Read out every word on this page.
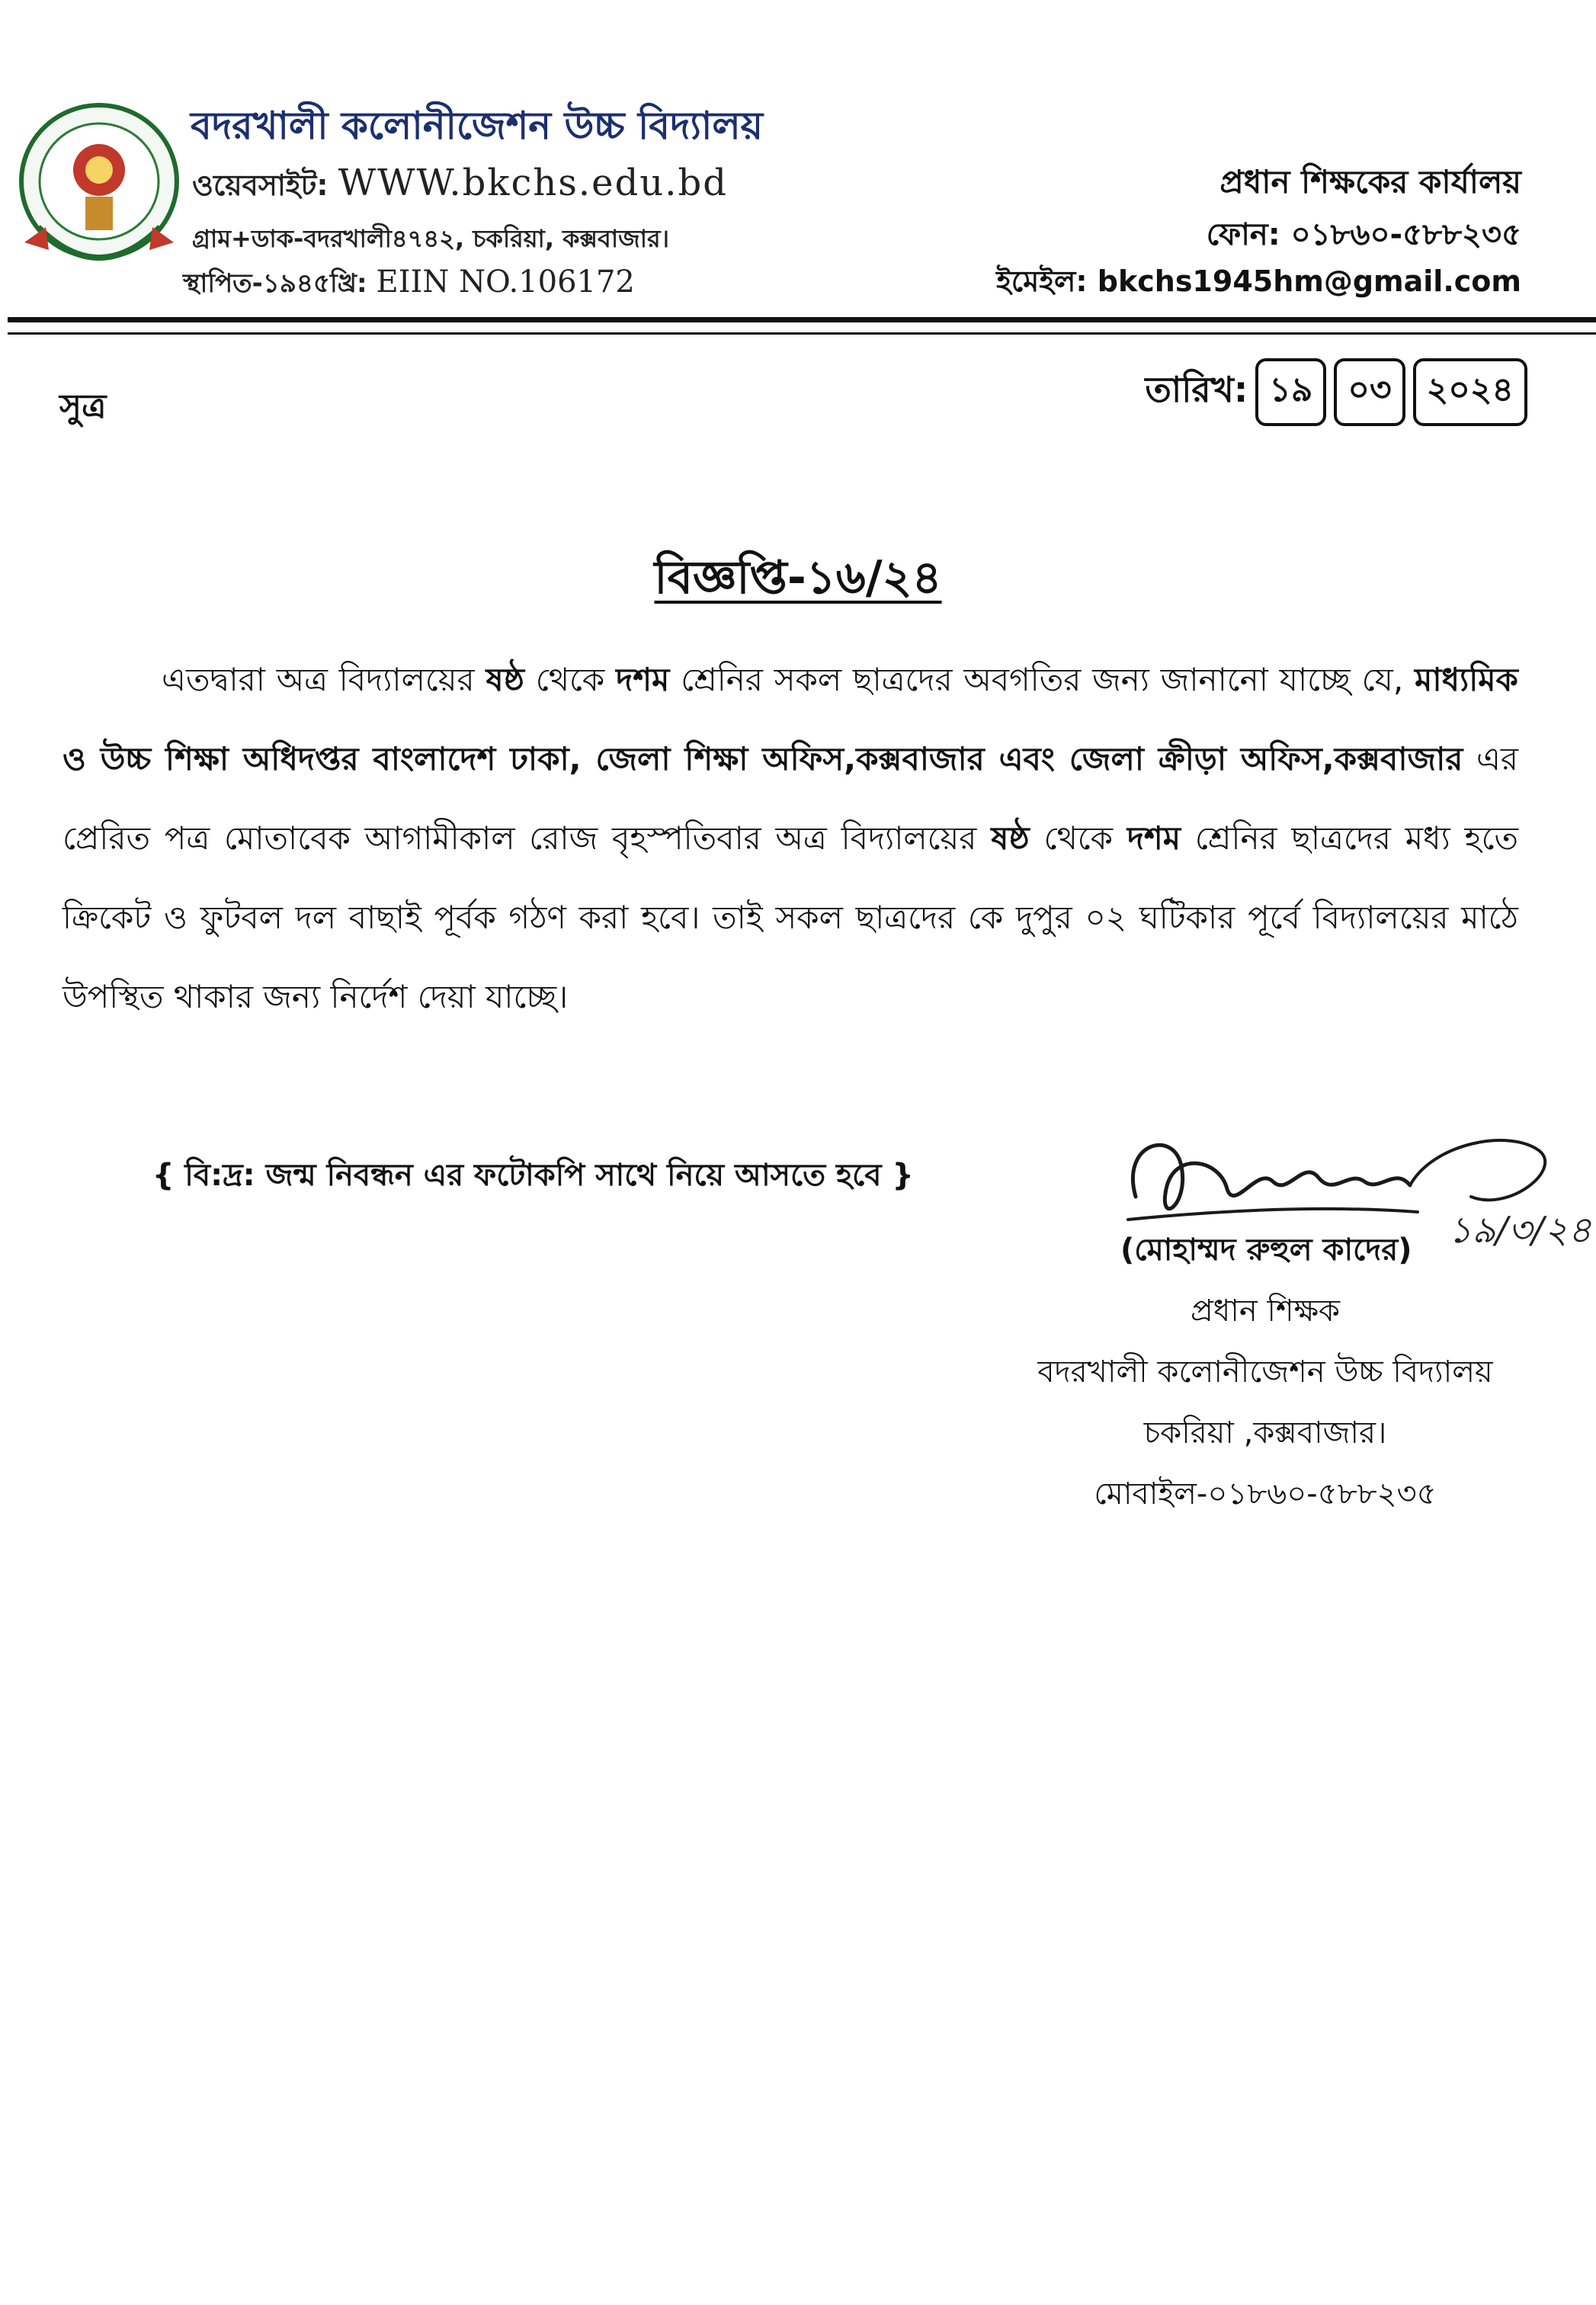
বদরখালী কলোনীজেশন উচ্চ বিদ্যালয়
ওয়েবসাইট: WWW.bkchs.edu.bd
গ্রাম+ডাক-বদরখালী৪৭৪২, চকরিয়া, কক্সবাজার।
স্থাপিত-১৯৪৫খ্রি: EIIN NO.106172
প্রধান শিক্ষকের কার্যালয়
ফোন: ০১৮৬০-৫৮৮২৩৫
ইমেইল: bkchs1945hm@gmail.com
সুত্র	তারিখ: ১৯	০৩	২০২৪
বিজ্ঞপ্তি-১৬/২৪

এতদ্বারা অত্র বিদ্যালয়ের ষষ্ঠ থেকে দশম শ্রেনির সকল ছাত্রদের অবগতির জন্য জানানো যাচ্ছে যে, মাধ্যমিক ও উচ্চ শিক্ষা অধিদপ্তর বাংলাদেশ ঢাকা, জেলা শিক্ষা অফিস,কক্সবাজার এবং জেলা ক্রীড়া অফিস,কক্সবাজার এর প্রেরিত পত্র মোতাবেক আগামীকাল রোজ বৃহস্পতিবার অত্র বিদ্যালয়ের ষষ্ঠ থেকে দশম শ্রেনির ছাত্রদের মধ্য হতে ক্রিকেট ও ফুটবল দল বাছাই পূর্বক গঠণ করা হবে। তাই সকল ছাত্রদের কে দুপুর ০২ ঘটিকার পূর্বে বিদ্যালয়ের মাঠে উপস্থিত থাকার জন্য নির্দেশ দেয়া যাচ্ছে।

{ বি:দ্র: জন্ম নিবন্ধন এর ফটোকপি সাথে নিয়ে আসতে হবে }
(মোহাম্মদ রুহুল কাদের) ১৯/৩/২৪
প্রধান শিক্ষক
বদরখালী কলোনীজেশন উচ্চ বিদ্যালয়
চকরিয়া ,কক্সবাজার।
মোবাইল-০১৮৬০-৫৮৮২৩৫
